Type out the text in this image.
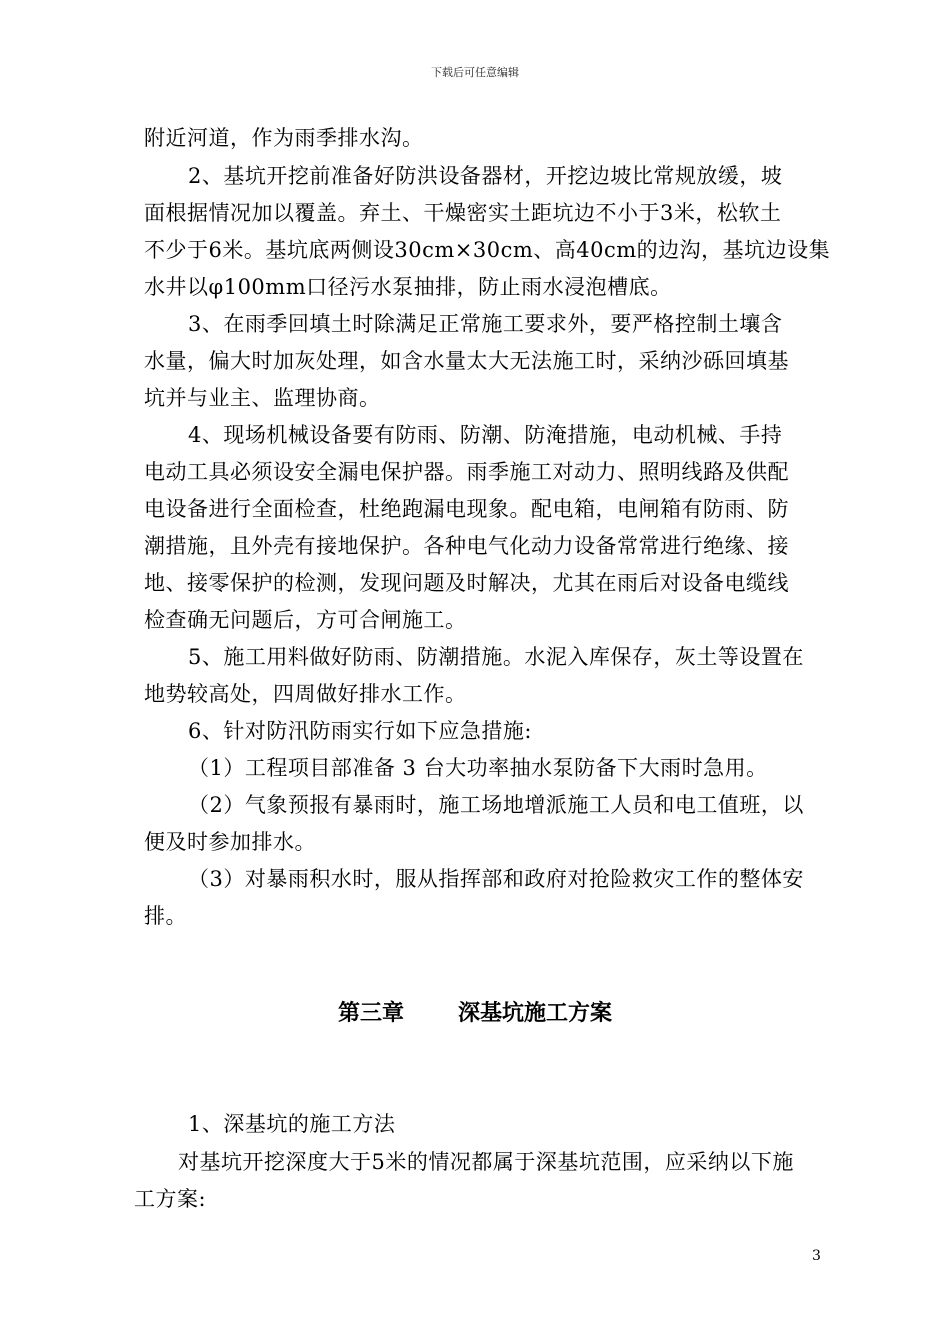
下载后可任意编辑
附近河道，作为雨季排水沟。
2、基坑开挖前准备好防洪设备器材，开挖边坡比常规放缓，坡
面根据情况加以覆盖。弃土、干燥密实土距坑边不小于3米，松软土
不少于6米。基坑底两侧设30cm×30cm、高40cm的边沟，基坑边设集
水井以φ100mm口径污水泵抽排，防止雨水浸泡槽底。
3、在雨季回填土时除满足正常施工要求外，要严格控制土壤含
水量，偏大时加灰处理，如含水量太大无法施工时，采纳沙砾回填基
坑并与业主、监理协商。
4、现场机械设备要有防雨、防潮、防淹措施，电动机械、手持
电动工具必须设安全漏电保护器。雨季施工对动力、照明线路及供配
电设备进行全面检查，杜绝跑漏电现象。配电箱，电闸箱有防雨、防
潮措施，且外壳有接地保护。各种电气化动力设备常常进行绝缘、接
地、接零保护的检测，发现问题及时解决，尤其在雨后对设备电缆线
检查确无问题后，方可合闸施工。
5、施工用料做好防雨、防潮措施。水泥入库保存，灰土等设置在
地势较高处，四周做好排水工作。
6、针对防汛防雨实行如下应急措施:
（1）工程项目部准备 3 台大功率抽水泵防备下大雨时急用。
（2）气象预报有暴雨时，施工场地增派施工人员和电工值班，以
便及时参加排水。
（3）对暴雨积水时，服从指挥部和政府对抢险救灾工作的整体安
排。
第三章 深基坑施工方案
1、深基坑的施工方法
对基坑开挖深度大于5米的情况都属于深基坑范围，应采纳以下施
工方案:
3
